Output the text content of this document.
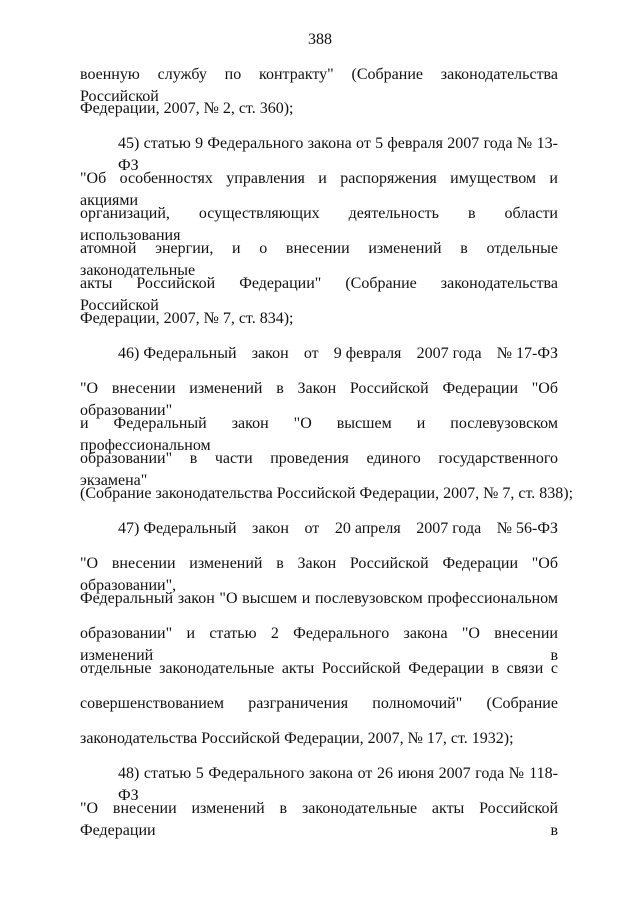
388
военную службу по контракту" (Собрание законодательства Российской
Федерации, 2007, № 2, ст. 360);
45) статью 9 Федерального закона от 5 февраля 2007 года № 13-ФЗ
"Об особенностях управления и распоряжения имуществом и акциями
организаций, осуществляющих деятельность в области использования
атомной энергии, и о внесении изменений в отдельные законодательные
акты Российской Федерации" (Собрание законодательства Российской
Федерации, 2007, № 7, ст. 834);
46) Федеральный закон от 9 февраля 2007 года № 17-ФЗ
"О внесении изменений в Закон Российской Федерации "Об образовании"
и Федеральный закон "О высшем и послевузовском профессиональном
образовании" в части проведения единого государственного экзамена"
(Собрание законодательства Российской Федерации, 2007, № 7, ст. 838);
47) Федеральный закон от 20 апреля 2007 года № 56-ФЗ
"О внесении изменений в Закон Российской Федерации "Об образовании",
Федеральный закон "О высшем и послевузовском профессиональном
образовании" и статью 2 Федерального закона "О внесении изменений в
отдельные законодательные акты Российской Федерации в связи с
совершенствованием разграничения полномочий" (Собрание
законодательства Российской Федерации, 2007, № 17, ст. 1932);
48) статью 5 Федерального закона от 26 июня 2007 года № 118-ФЗ
"О внесении изменений в законодательные акты Российской Федерации в
